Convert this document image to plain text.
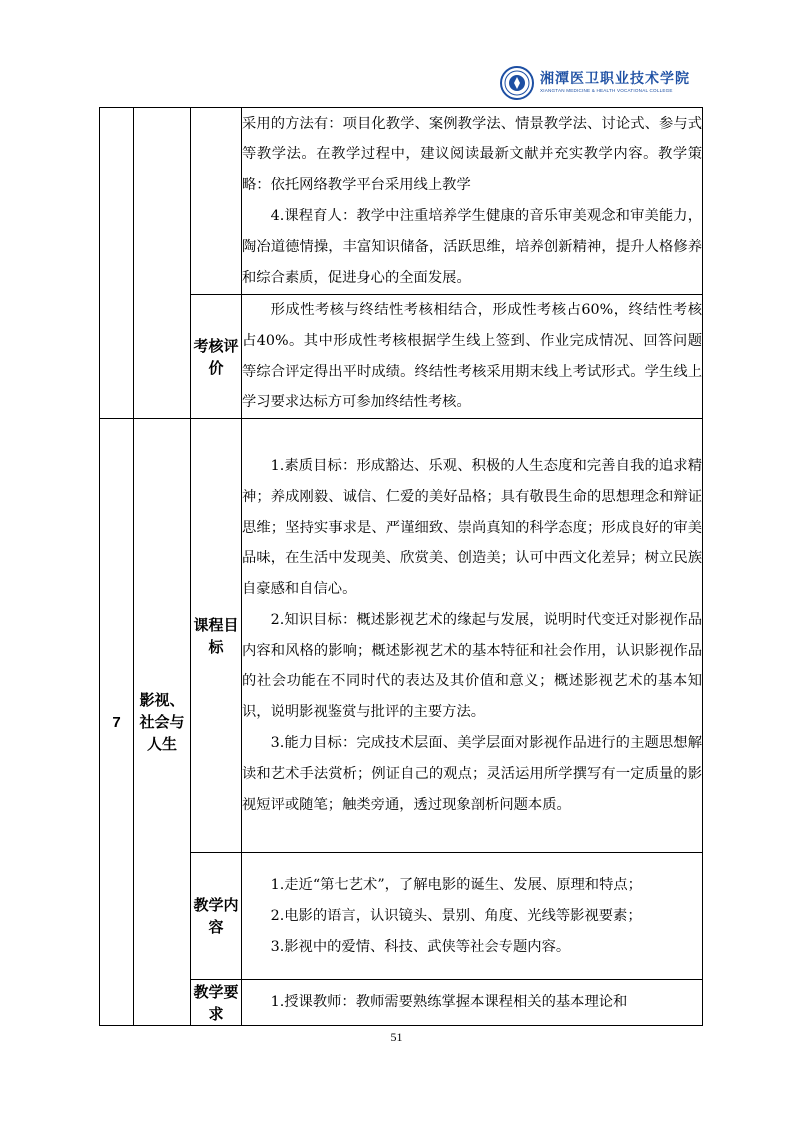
湘潭医卫职业技术学院
XIANGTAN MEDICINE & HEALTH VOCATIONAL COLLEGE

			采用的方法有：项目化教学、案例教学法、情景教学法、讨论式、参与式等教学法。在教学过程中，建议阅读最新文献并充实教学内容。教学策略：依托网络教学平台采用线上教学

4.课程育人：教学中注重培养学生健康的音乐审美观念和审美能力，陶冶道德情操，丰富知识储备，活跃思维，培养创新精神，提升人格修养和综合素质，促进身心的全面发展。

		考核评价	形成性考核与终结性考核相结合，形成性考核占60%，终结性考核占40%。其中形成性考核根据学生线上签到、作业完成情况、回答问题等综合评定得出平时成绩。终结性考核采用期末线上考试形式。学生线上学习要求达标方可参加终结性考核。

7	影视、社会与人生	课程目标	1.素质目标：形成豁达、乐观、积极的人生态度和完善自我的追求精神；养成刚毅、诚信、仁爱的美好品格；具有敬畏生命的思想理念和辩证思维；坚持实事求是、严谨细致、崇尚真知的科学态度；形成良好的审美品味，在生活中发现美、欣赏美、创造美；认可中西文化差异；树立民族自豪感和自信心。

2.知识目标：概述影视艺术的缘起与发展，说明时代变迁对影视作品内容和风格的影响；概述影视艺术的基本特征和社会作用，认识影视作品的社会功能在不同时代的表达及其价值和意义；概述影视艺术的基本知识，说明影视鉴赏与批评的主要方法。

3.能力目标：完成技术层面、美学层面对影视作品进行的主题思想解读和艺术手法赏析；例证自己的观点；灵活运用所学撰写有一定质量的影视短评或随笔；触类旁通，透过现象剖析问题本质。

		教学内容	1.走近“第七艺术”，了解电影的诞生、发展、原理和特点；

2.电影的语言，认识镜头、景别、角度、光线等影视要素；

3.影视中的爱情、科技、武侠等社会专题内容。

		教学要求	1.授课教师：教师需要熟练掌握本课程相关的基本理论和

51
